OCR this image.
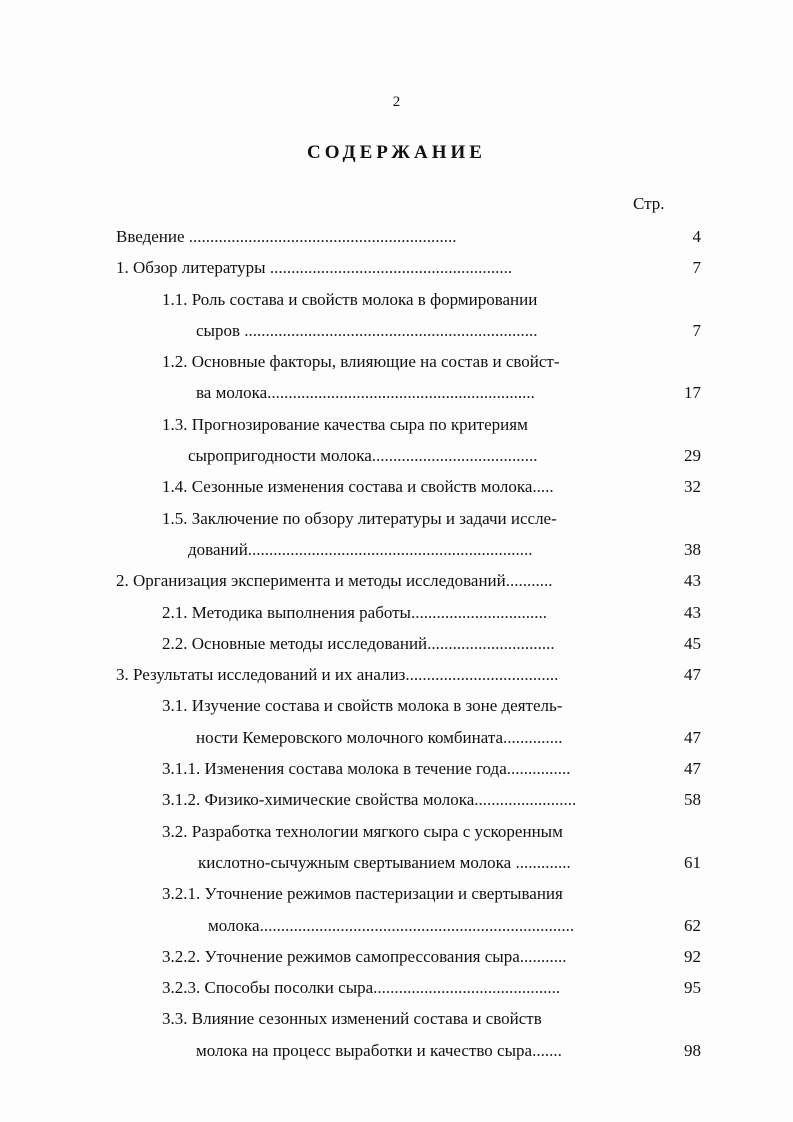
2
СОДЕРЖАНИЕ
Стр.
Введение ...............................................................	4
1. Обзор литературы .........................................................	7
1.1. Роль состава и свойств молока в формировании
сыров .....................................................................	7
1.2. Основные факторы, влияющие на состав и свойст-
ва молока...............................................................	17
1.3. Прогнозирование качества сыра по критериям
сыропригодности молока.......................................	29
1.4. Сезонные изменения состава и свойств молока.....	32
1.5. Заключение по обзору литературы и задачи иссле-
дований...................................................................	38
2. Организация эксперимента и методы исследований...........	43
2.1. Методика выполнения работы................................	43
2.2. Основные методы исследований..............................	45
3. Результаты исследований и их анализ....................................	47
3.1. Изучение состава и свойств молока в зоне деятель-
ности Кемеровского молочного комбината..............	47
3.1.1. Изменения состава молока в течение года...............	47
3.1.2. Физико-химические свойства молока........................	58
3.2. Разработка технологии мягкого сыра с ускоренным
кислотно-сычужным свертыванием молока .............	61
3.2.1. Уточнение режимов пастеризации и свертывания
молока..........................................................................	62
3.2.2. Уточнение режимов самопрессования сыра...........	92
3.2.3. Способы посолки сыра............................................	95
3.3. Влияние сезонных изменений состава и свойств
молока на процесс выработки и качество сыра.......	98
